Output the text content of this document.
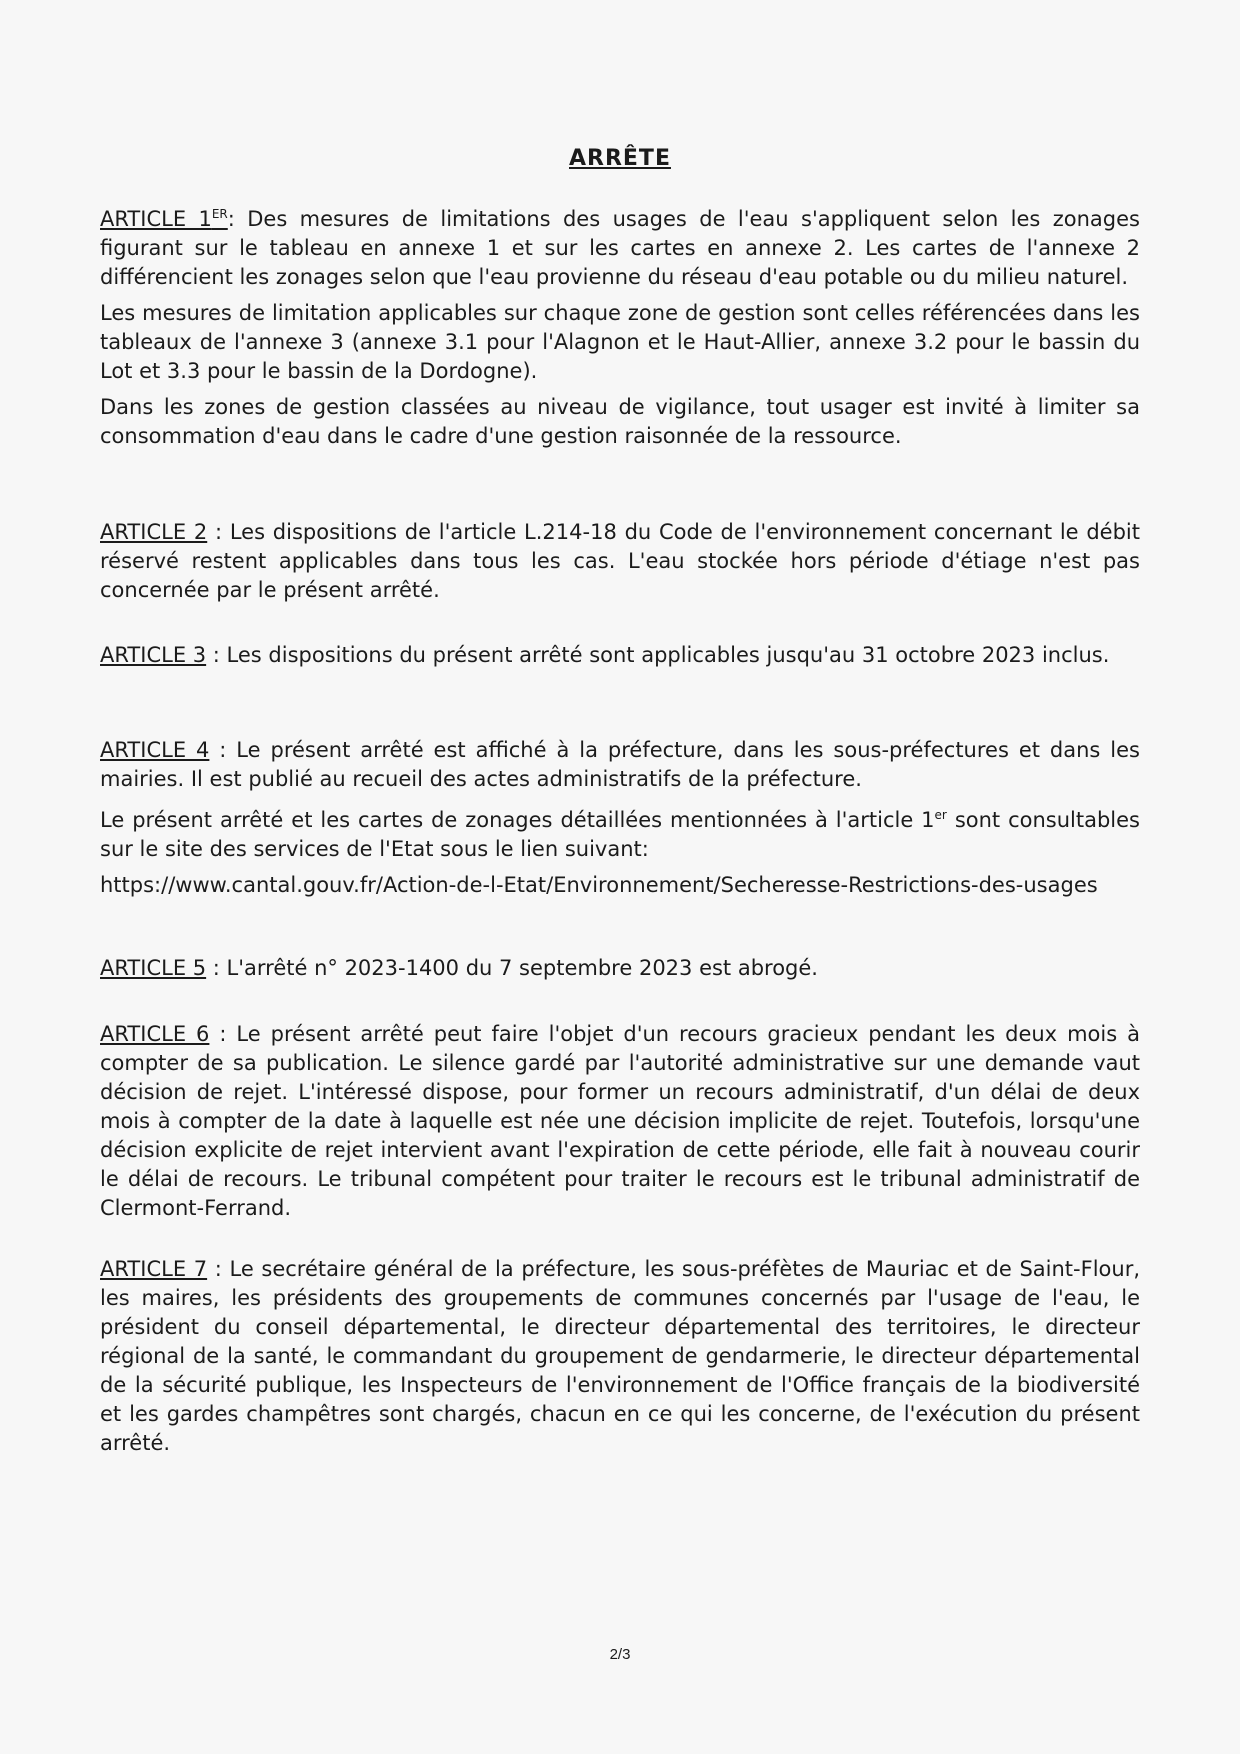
ARRÊTE

ARTICLE 1ER: Des mesures de limitations des usages de l'eau s'appliquent selon les zonages figurant sur le tableau en annexe 1 et sur les cartes en annexe 2. Les cartes de l'annexe 2 différencient les zonages selon que l'eau provienne du réseau d'eau potable ou du milieu naturel.

Les mesures de limitation applicables sur chaque zone de gestion sont celles référencées dans les tableaux de l'annexe 3 (annexe 3.1 pour l'Alagnon et le Haut-Allier, annexe 3.2 pour le bassin du Lot et 3.3 pour le bassin de la Dordogne).

Dans les zones de gestion classées au niveau de vigilance, tout usager est invité à limiter sa consommation d'eau dans le cadre d'une gestion raisonnée de la ressource.

ARTICLE 2 : Les dispositions de l'article L.214-18 du Code de l'environnement concernant le débit réservé restent applicables dans tous les cas. L'eau stockée hors période d'étiage n'est pas concernée par le présent arrêté.

ARTICLE 3 : Les dispositions du présent arrêté sont applicables jusqu'au 31 octobre 2023 inclus.

ARTICLE 4 : Le présent arrêté est affiché à la préfecture, dans les sous-préfectures et dans les mairies. Il est publié au recueil des actes administratifs de la préfecture.

Le présent arrêté et les cartes de zonages détaillées mentionnées à l'article 1er sont consultables sur le site des services de l'Etat sous le lien suivant:

https://www.cantal.gouv.fr/Action-de-l-Etat/Environnement/Secheresse-Restrictions-des-usages

ARTICLE 5 : L'arrêté n° 2023-1400 du 7 septembre 2023 est abrogé.

ARTICLE 6 : Le présent arrêté peut faire l'objet d'un recours gracieux pendant les deux mois à compter de sa publication. Le silence gardé par l'autorité administrative sur une demande vaut décision de rejet. L'intéressé dispose, pour former un recours administratif, d'un délai de deux mois à compter de la date à laquelle est née une décision implicite de rejet. Toutefois, lorsqu'une décision explicite de rejet intervient avant l'expiration de cette période, elle fait à nouveau courir le délai de recours. Le tribunal compétent pour traiter le recours est le tribunal administratif de Clermont-Ferrand.

ARTICLE 7 : Le secrétaire général de la préfecture, les sous-préfètes de Mauriac et de Saint-Flour, les maires, les présidents des groupements de communes concernés par l'usage de l'eau, le président du conseil départemental, le directeur départemental des territoires, le directeur régional de la santé, le commandant du groupement de gendarmerie, le directeur départemental de la sécurité publique, les Inspecteurs de l'environnement de l'Office français de la biodiversité et les gardes champêtres sont chargés, chacun en ce qui les concerne, de l'exécution du présent arrêté.

2/3
